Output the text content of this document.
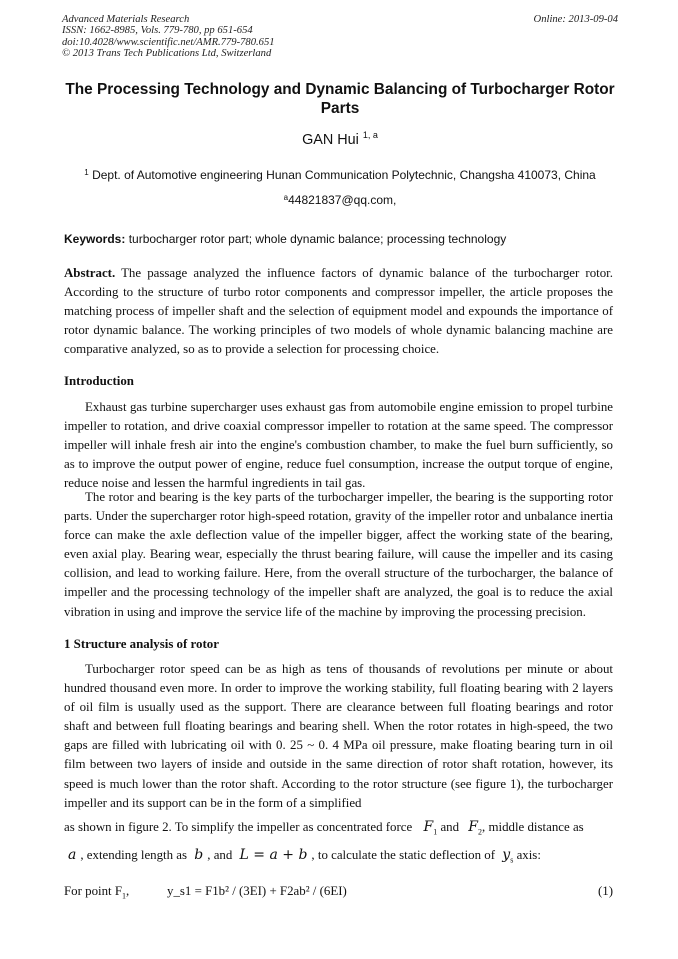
Advanced Materials Research
ISSN: 1662-8985, Vols. 779-780, pp 651-654
doi:10.4028/www.scientific.net/AMR.779-780.651
© 2013 Trans Tech Publications Ltd, Switzerland
Online: 2013-09-04
The Processing Technology and Dynamic Balancing of Turbocharger Rotor Parts
GAN Hui $^{1, a}$
$^1$ Dept. of Automotive engineering Hunan Communication Polytechnic, Changsha 410073, China
$^a$44821837@qq.com,
Keywords: turbocharger rotor part; whole dynamic balance; processing technology
Abstract. The passage analyzed the influence factors of dynamic balance of the turbocharger rotor. According to the structure of turbo rotor components and compressor impeller, the article proposes the matching process of impeller shaft and the selection of equipment model and expounds the importance of rotor dynamic balance. The working principles of two models of whole dynamic balancing machine are comparative analyzed, so as to provide a selection for processing choice.
Introduction
Exhaust gas turbine supercharger uses exhaust gas from automobile engine emission to propel turbine impeller to rotation, and drive coaxial compressor impeller to rotation at the same speed. The compressor impeller will inhale fresh air into the engine's combustion chamber, to make the fuel burn sufficiently, so as to improve the output power of engine, reduce fuel consumption, increase the output torque of engine, reduce noise and lessen the harmful ingredients in tail gas.
The rotor and bearing is the key parts of the turbocharger impeller, the bearing is the supporting rotor parts. Under the supercharger rotor high-speed rotation, gravity of the impeller rotor and unbalance inertia force can make the axle deflection value of the impeller bigger, affect the working state of the bearing, even axial play. Bearing wear, especially the thrust bearing failure, will cause the impeller and its casing collision, and lead to working failure. Here, from the overall structure of the turbocharger, the balance of impeller and the processing technology of the impeller shaft are analyzed, the goal is to reduce the axial vibration in using and improve the service life of the machine by improving the processing precision.
1 Structure analysis of rotor
Turbocharger rotor speed can be as high as tens of thousands of revolutions per minute or about hundred thousand even more. In order to improve the working stability, full floating bearing with 2 layers of oil film is usually used as the support. There are clearance between full floating bearings and rotor shaft and between full floating bearings and bearing shell. When the rotor rotates in high-speed, the two gaps are filled with lubricating oil with 0. 25 ~ 0. 4 MPa oil pressure, make floating bearing turn in oil film between two layers of inside and outside in the same direction of rotor shaft rotation, however, its speed is much lower than the rotor shaft. According to the rotor structure (see figure 1), the turbocharger impeller and its support can be in the form of a simplified
as shown in figure 2. To simplify the impeller as concentrated force $F_1$ and $F_2$, middle distance as
a , extending length as b , and L = a + b , to calculate the static deflection of $y_s$ axis:
For point $F_1$,	y_s1 = F1b² / (3EI) + F2ab² / (6EI)	(1)
